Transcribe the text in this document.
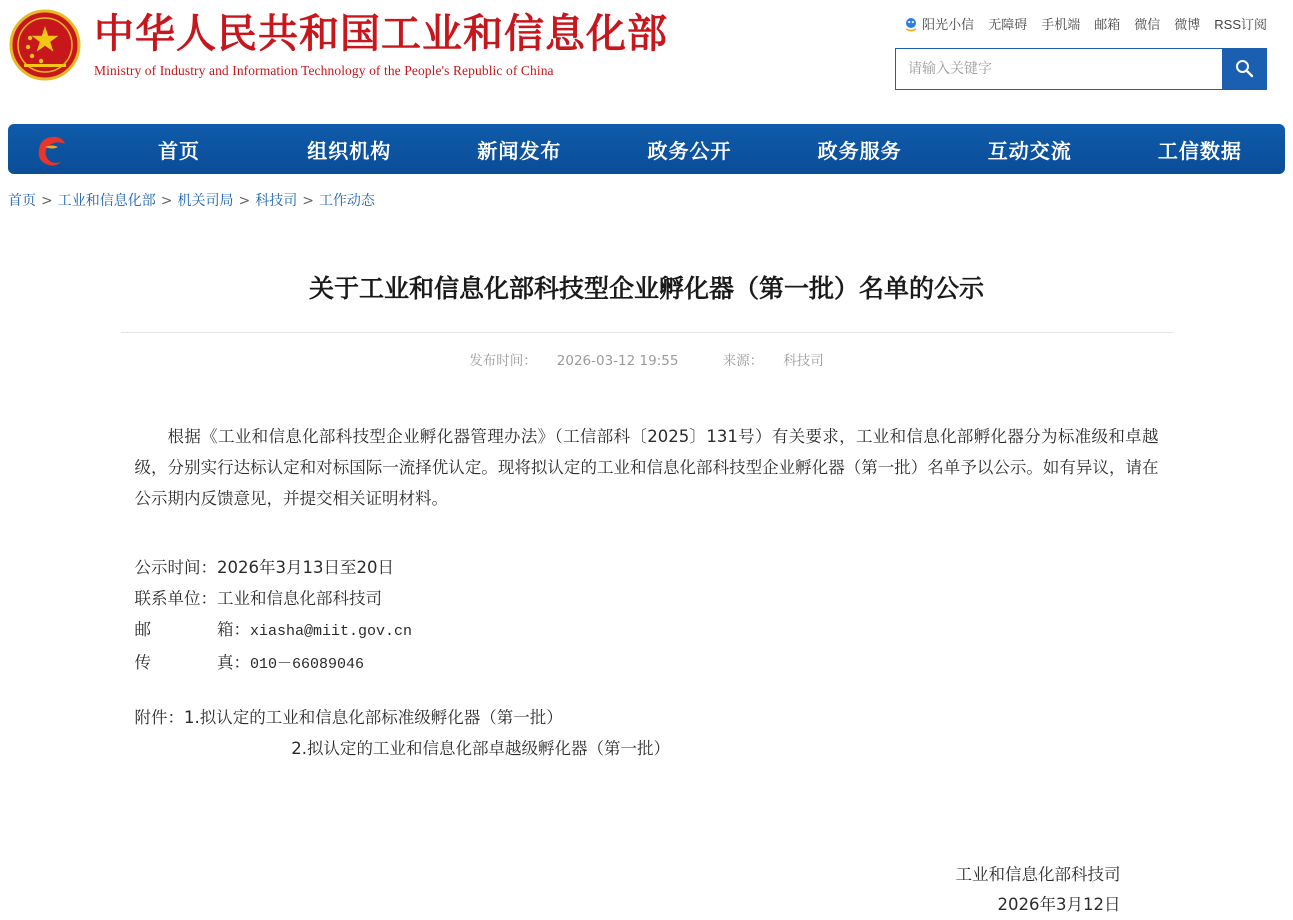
中华人民共和国工业和信息化部
Ministry of Industry and Information Technology of the People's Republic of China
阳光小信 无障碍 手机端 邮箱 微信 微博 RSS订阅
请输入关键字
首页	组织机构	新闻发布	政务公开	政务服务	互动交流	工信数据
首页 > 工业和信息化部 > 机关司局 > 科技司 > 工作动态
关于工业和信息化部科技型企业孵化器（第一批）名单的公示
发布时间： 2026-03-12 19:55	来源： 科技司

根据《工业和信息化部科技型企业孵化器管理办法》（工信部科〔2025〕131号）有关要求，工业和信息化部孵化器分为标准级和卓越级，分别实行达标认定和对标国际一流择优认定。现将拟认定的工业和信息化部科技型企业孵化器（第一批）名单予以公示。如有异议，请在公示期内反馈意见，并提交相关证明材料。

公示时间：2026年3月13日至20日
联系单位：工业和信息化部科技司
邮　　　　箱：xiasha@miit.gov.cn
传　　　　真：010－66089046
附件：1.拟认定的工业和信息化部标准级孵化器（第一批）
2.拟认定的工业和信息化部卓越级孵化器（第一批）
工业和信息化部科技司
2026年3月12日
